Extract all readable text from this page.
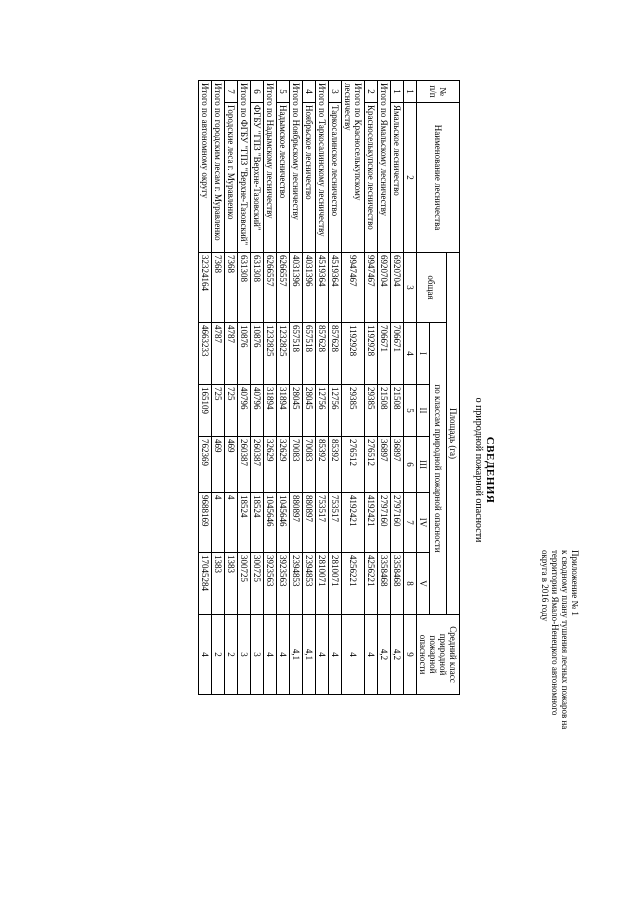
Приложение № 1
к сводному плану тушения лесных пожаров на
территории Ямало-Ненецкого автономного
округа в 2016 году
СВЕДЕНИЯ
о природной пожарной опасности
№ п/п	Наименование лесничества	Площадь (га)						Средний класс природной пожарной опасности
		общая	по классам природной пожарной опасности					
			I	II	III	IV	V	
1	2	3	4	5	6	7	8	9
1	Ямальское лесничество	6920704	706671	21508	36897	2797160	3358468	4,2
Итого по Ямальскому лесничеству		6920704	706671	21508	36897	2797160	3358468	4,2
2	Красноселькупское лесничество	9947467	1192928	29385	276512	4192421	4256221	4
Итого по Красноселькупскому лесничеству		9947467	1192928	29385	276512	4192421	4256221	4
3	Таркосалинское лесничество	4519364	857628	12756	85392	753517	2810071	4
Итого по Таркосалинскому лесничеству		4519364	857628	12756	85392	753517	2810071	4
4	Ноябрьское лесничество	4031396	657518	28045	70083	880897	2394853	4,1
Итого по Ноябрьскому лесничеству		4031396	657518	28045	70083	880897	2394853	4,1
5	Надымское лесничество	6266557	1232825	31894	32629	1045646	3923563	4
Итого по Надымскому лесничеству		6266557	1232825	31894	32629	1045646	3923563	4
6	ФГБУ "ГПЗ "Верхне-Тазовский"	631308	10876	40796	260387	18524	300725	3
Итого по ФГБУ "ГПЗ "Верхне-Тазовский"		631308	10876	40796	260387	18524	300725	3
7	Городские леса г. Муравленко	7368	4787	725	469	4	1383	2
Итого по городским лесам г. Муравленко		7368	4787	725	469	4	1383	2
Итого по автономному округу		32324164	4663233	165109	762369	9688169	17045284	4
